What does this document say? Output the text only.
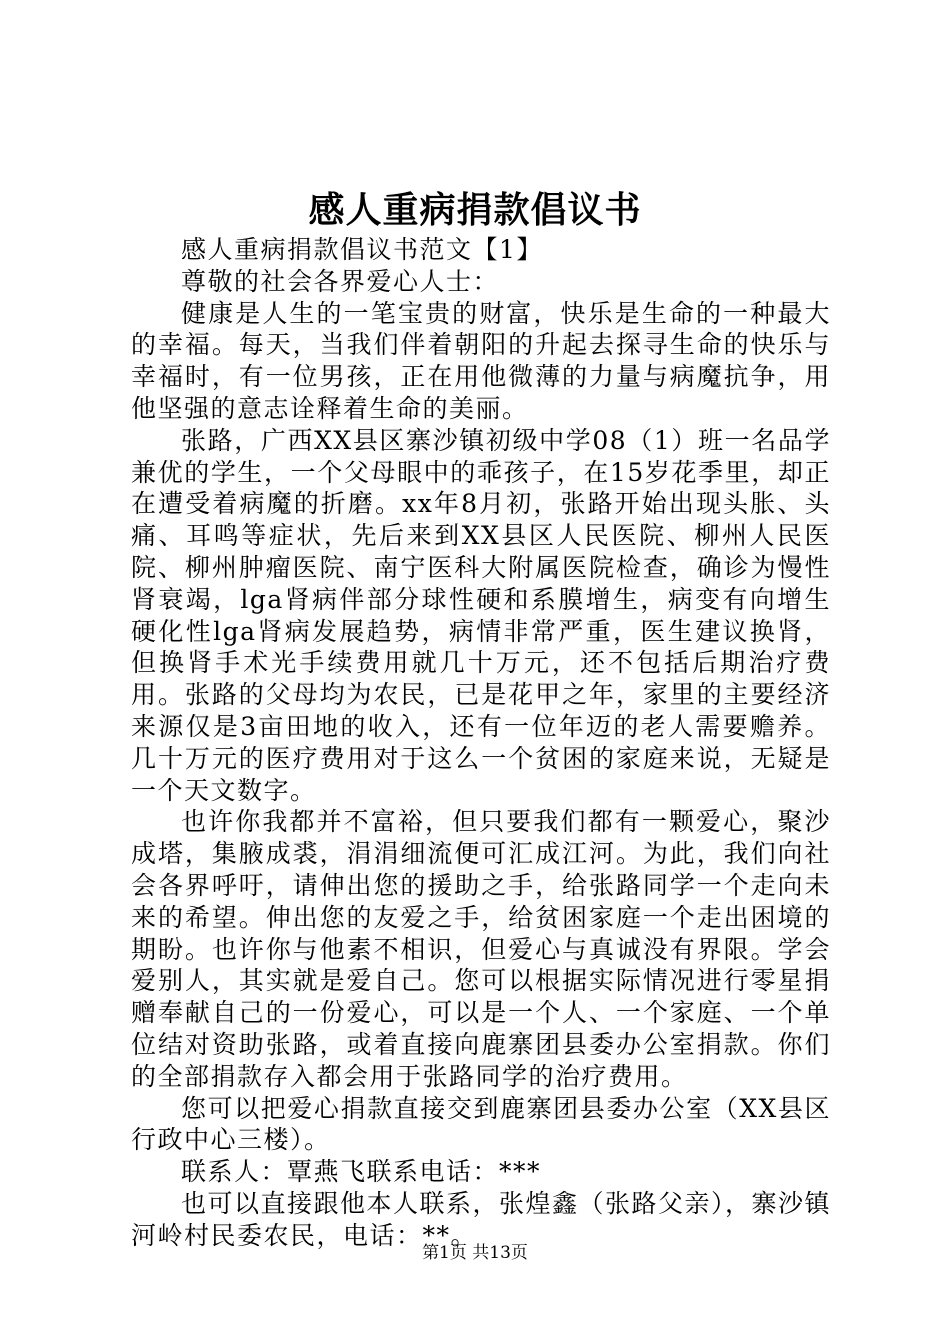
感人重病捐款倡议书

感人重病捐款倡议书范文【1】

尊敬的社会各界爱心人士：

健康是人生的一笔宝贵的财富，快乐是生命的一种最大的幸福。每天，当我们伴着朝阳的升起去探寻生命的快乐与幸福时，有一位男孩，正在用他微薄的力量与病魔抗争，用他坚强的意志诠释着生命的美丽。

张路，广西XX县区寨沙镇初级中学08（1）班一名品学兼优的学生，一个父母眼中的乖孩子，在15岁花季里，却正在遭受着病魔的折磨。xx年8月初，张路开始出现头胀、头痛、耳鸣等症状，先后来到XX县区人民医院、柳州人民医院、柳州肿瘤医院、南宁医科大附属医院检查，确诊为慢性肾衰竭，lga肾病伴部分球性硬和系膜增生，病变有向增生硬化性lga肾病发展趋势，病情非常严重，医生建议换肾，但换肾手术光手续费用就几十万元，还不包括后期治疗费用。张路的父母均为农民，已是花甲之年，家里的主要经济来源仅是3亩田地的收入，还有一位年迈的老人需要赡养。几十万元的医疗费用对于这么一个贫困的家庭来说，无疑是一个天文数字。

也许你我都并不富裕，但只要我们都有一颗爱心，聚沙成塔，集腋成裘，涓涓细流便可汇成江河。为此，我们向社会各界呼吁，请伸出您的援助之手，给张路同学一个走向未来的希望。伸出您的友爱之手，给贫困家庭一个走出困境的期盼。也许你与他素不相识，但爱心与真诚没有界限。学会爱别人，其实就是爱自己。您可以根据实际情况进行零星捐赠奉献自己的一份爱心，可以是一个人、一个家庭、一个单位结对资助张路，或着直接向鹿寨团县委办公室捐款。你们的全部捐款存入都会用于张路同学的治疗费用。

您可以把爱心捐款直接交到鹿寨团县委办公室（XX县区行政中心三楼）。

联系人：覃燕飞联系电话：***

也可以直接跟他本人联系，张煌鑫（张路父亲），寨沙镇河岭村民委农民，电话：**。

第1页 共13页
